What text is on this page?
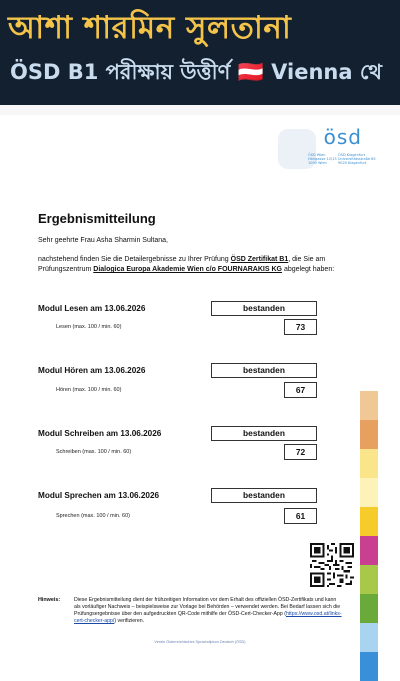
আশা শারমিন সুলতানা
ÖSD B1 পরীক্ষায় উত্তীর্ণ 🇦🇹 Vienna থে
ösd
ÖSD Wien
Hörlgasse 12/13
1090 Wien
ÖSD Klagenfurt
Universitätsstraße 65
9020 Klagenfurt
Ergebnismitteilung
Sehr geehrte Frau Asha Sharmin Sultana,
nachstehend finden Sie die Detailergebnisse zu Ihrer Prüfung ÖSD Zertifikat B1, die Sie am Prüfungszentrum Dialogica Europa Akademie Wien c/o FOURNARAKIS KG abgelegt haben:
Modul Lesen am 13.06.2026	bestanden
Lesen (max. 100 / min. 60)	73
Modul Hören am 13.06.2026	bestanden
Hören (max. 100 / min. 60)	67
Modul Schreiben am 13.06.2026	bestanden
Schreiben (max. 100 / min. 60)	72
Modul Sprechen am 13.06.2026	bestanden
Sprechen (max. 100 / min. 60)	61
Hinweis:	Diese Ergebnismitteilung dient der frühzeitigen Information vor dem Erhalt des offiziellen ÖSD-Zertifikats und kann als vorläufiger Nachweis – beispielsweise zur Vorlage bei Behörden – verwendet werden. Bei Bedarf lassen sich die Prüfungsergebnisse über den aufgedruckten QR-Code mithilfe der ÖSD-Cert-Checker-App (https://www.osd.at/links-cert-checker-app/) verifizieren.
Verein Österreichisches Sprachdiplom Deutsch (ÖSD)
